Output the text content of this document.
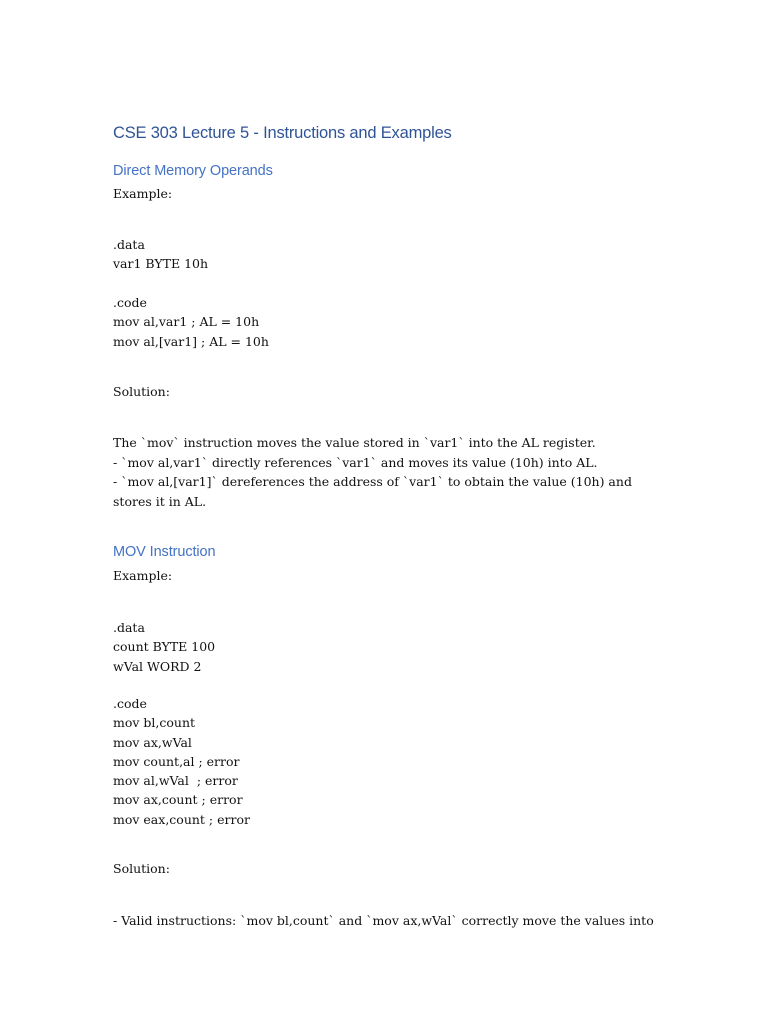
CSE 303 Lecture 5 - Instructions and Examples
Direct Memory Operands
Example:
.data
var1 BYTE 10h
.code
mov al,var1 ; AL = 10h
mov al,[var1] ; AL = 10h
Solution:
The `mov` instruction moves the value stored in `var1` into the AL register.
- `mov al,var1` directly references `var1` and moves its value (10h) into AL.
- `mov al,[var1]` dereferences the address of `var1` to obtain the value (10h) and stores it in AL.
MOV Instruction
Example:
.data
count BYTE 100
wVal WORD 2
.code
mov bl,count
mov ax,wVal
mov count,al ; error
mov al,wVal  ; error
mov ax,count ; error
mov eax,count ; error
Solution:
- Valid instructions: `mov bl,count` and `mov ax,wVal` correctly move the values into
